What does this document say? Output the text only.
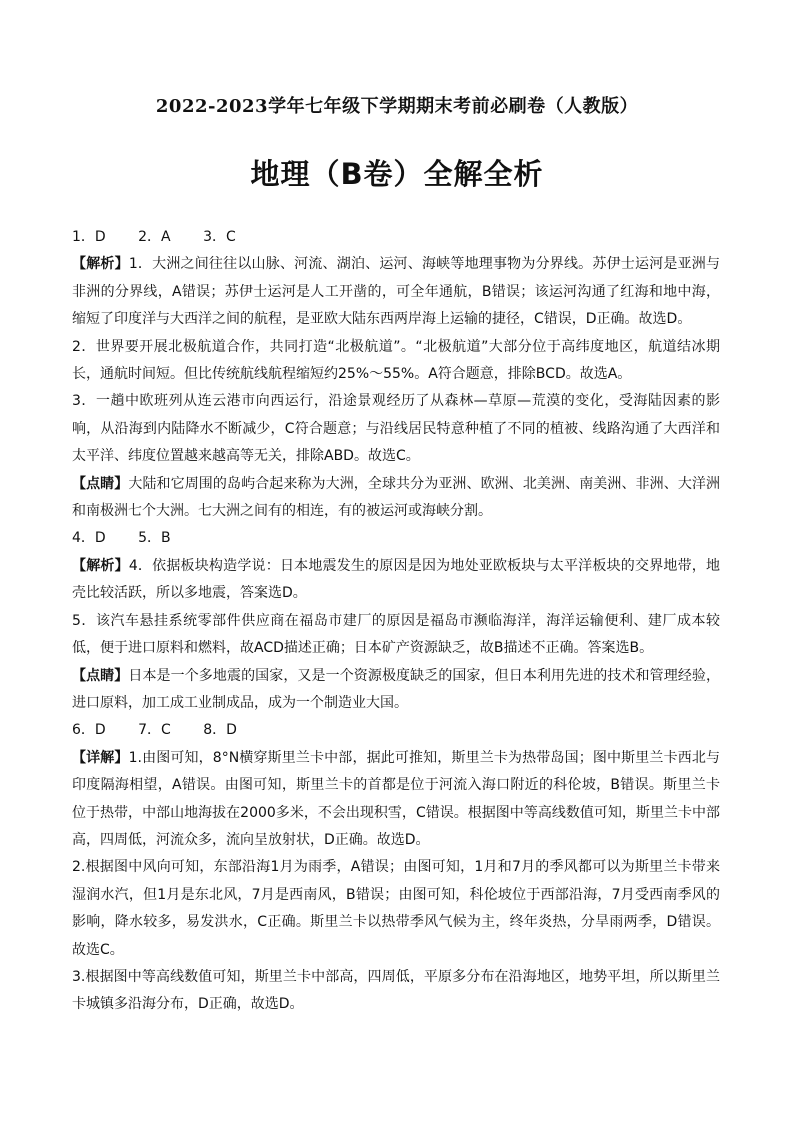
2022-2023学年七年级下学期期末考前必刷卷（人教版）
地理（B卷）全解全析

1．D　 2．A　 3．C

【解析】1．大洲之间往往以山脉、河流、湖泊、运河、海峡等地理事物为分界线。苏伊士运河是亚洲与非洲的分界线，A错误；苏伊士运河是人工开凿的，可全年通航，B错误；该运河沟通了红海和地中海，缩短了印度洋与大西洋之间的航程，是亚欧大陆东西两岸海上运输的捷径，C错误，D正确。故选D。

2．世界要开展北极航道合作，共同打造“北极航道”。“北极航道”大部分位于高纬度地区，航道结冰期长，通航时间短。但比传统航线航程缩短约25%～55%。A符合题意，排除BCD。故选A。

3．一趟中欧班列从连云港市向西运行，沿途景观经历了从森林—草原—荒漠的变化，受海陆因素的影响，从沿海到内陆降水不断减少，C符合题意；与沿线居民特意种植了不同的植被、线路沟通了大西洋和太平洋、纬度位置越来越高等无关，排除ABD。故选C。

【点睛】大陆和它周围的岛屿合起来称为大洲，全球共分为亚洲、欧洲、北美洲、南美洲、非洲、大洋洲和南极洲七个大洲。七大洲之间有的相连，有的被运河或海峡分割。

4．D　 5．B

【解析】4．依据板块构造学说：日本地震发生的原因是因为地处亚欧板块与太平洋板块的交界地带，地壳比较活跃，所以多地震，答案选D。

5．该汽车悬挂系统零部件供应商在福岛市建厂的原因是福岛市濒临海洋，海洋运输便利、建厂成本较低，便于进口原料和燃料，故ACD描述正确；日本矿产资源缺乏，故B描述不正确。答案选B。

【点睛】日本是一个多地震的国家，又是一个资源极度缺乏的国家，但日本利用先进的技术和管理经验，进口原料，加工成工业制成品，成为一个制造业大国。

6．D　 7．C　 8．D

【详解】1.由图可知，8°N横穿斯里兰卡中部，据此可推知，斯里兰卡为热带岛国；图中斯里兰卡西北与印度隔海相望，A错误。由图可知，斯里兰卡的首都是位于河流入海口附近的科伦坡，B错误。斯里兰卡位于热带，中部山地海拔在2000多米，不会出现积雪，C错误。根据图中等高线数值可知，斯里兰卡中部高，四周低，河流众多，流向呈放射状，D正确。故选D。

2.根据图中风向可知，东部沿海1月为雨季，A错误；由图可知，1月和7月的季风都可以为斯里兰卡带来湿润水汽，但1月是东北风，7月是西南风，B错误；由图可知，科伦坡位于西部沿海，7月受西南季风的影响，降水较多，易发洪水，C正确。斯里兰卡以热带季风气候为主，终年炎热，分旱雨两季，D错误。故选C。

3.根据图中等高线数值可知，斯里兰卡中部高，四周低，平原多分布在沿海地区，地势平坦，所以斯里兰卡城镇多沿海分布，D正确，故选D。
